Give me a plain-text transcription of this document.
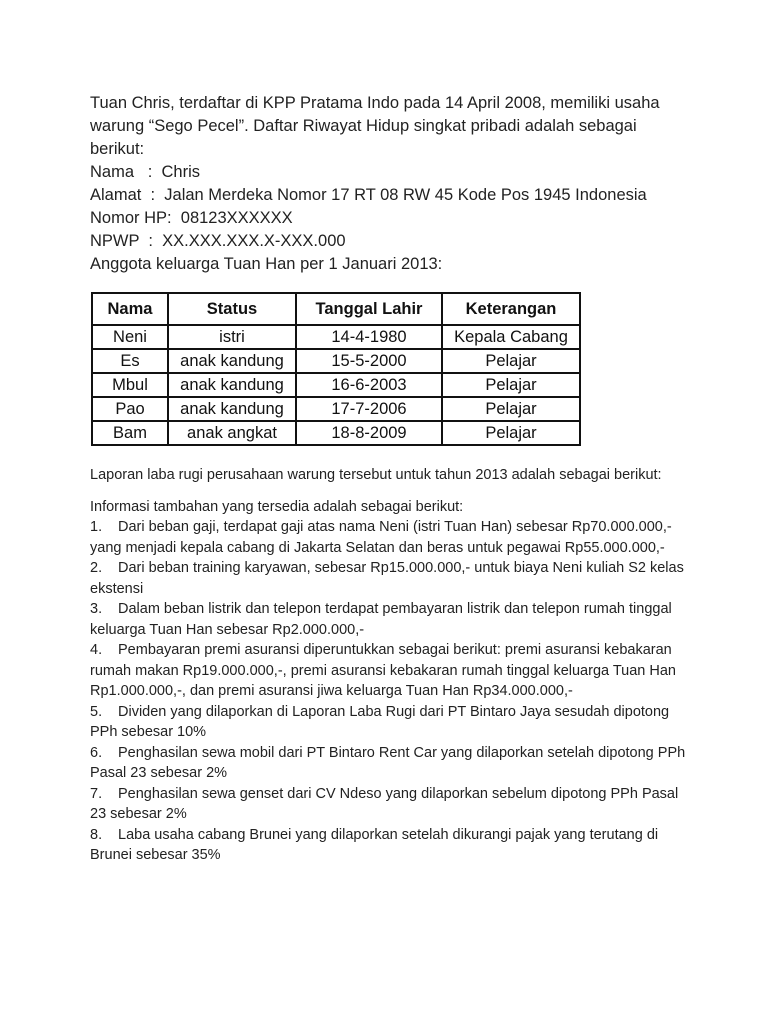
Tuan Chris, terdaftar di KPP Pratama Indo pada 14 April 2008, memiliki usaha warung “Sego Pecel”. Daftar Riwayat Hidup singkat pribadi adalah sebagai berikut:

Nama   :  Chris

Alamat  :  Jalan Merdeka Nomor 17 RT 08 RW 45 Kode Pos 1945 Indonesia

Nomor HP:  08123XXXXXX

NPWP  :  XX.XXX.XXX.X-XXX.000

Anggota keluarga Tuan Han per 1 Januari 2013:

Nama	Status	Tanggal Lahir	Keterangan
Neni	istri	14-4-1980	Kepala Cabang
Es	anak kandung	15-5-2000	Pelajar
Mbul	anak kandung	16-6-2003	Pelajar
Pao	anak kandung	17-7-2006	Pelajar
Bam	anak angkat	18-8-2009	Pelajar

Laporan laba rugi perusahaan warung tersebut untuk tahun 2013 adalah sebagai berikut:

Informasi tambahan yang tersedia adalah sebagai berikut:

1. Dari beban gaji, terdapat gaji atas nama Neni (istri Tuan Han) sebesar Rp70.000.000,- yang menjadi kepala cabang di Jakarta Selatan dan beras untuk pegawai Rp55.000.000,-

2. Dari beban training karyawan, sebesar Rp15.000.000,- untuk biaya Neni kuliah S2 kelas ekstensi

3. Dalam beban listrik dan telepon terdapat pembayaran listrik dan telepon rumah tinggal keluarga Tuan Han sebesar Rp2.000.000,-

4. Pembayaran premi asuransi diperuntukkan sebagai berikut: premi asuransi kebakaran rumah makan Rp19.000.000,-, premi asuransi kebakaran rumah tinggal keluarga Tuan Han Rp1.000.000,-, dan premi asuransi jiwa keluarga Tuan Han Rp34.000.000,-

5. Dividen yang dilaporkan di Laporan Laba Rugi dari PT Bintaro Jaya sesudah dipotong PPh sebesar 10%

6. Penghasilan sewa mobil dari PT Bintaro Rent Car yang dilaporkan setelah dipotong PPh Pasal 23 sebesar 2%

7. Penghasilan sewa genset dari CV Ndeso yang dilaporkan sebelum dipotong PPh Pasal 23 sebesar 2%

8. Laba usaha cabang Brunei yang dilaporkan setelah dikurangi pajak yang terutang di Brunei sebesar 35%
